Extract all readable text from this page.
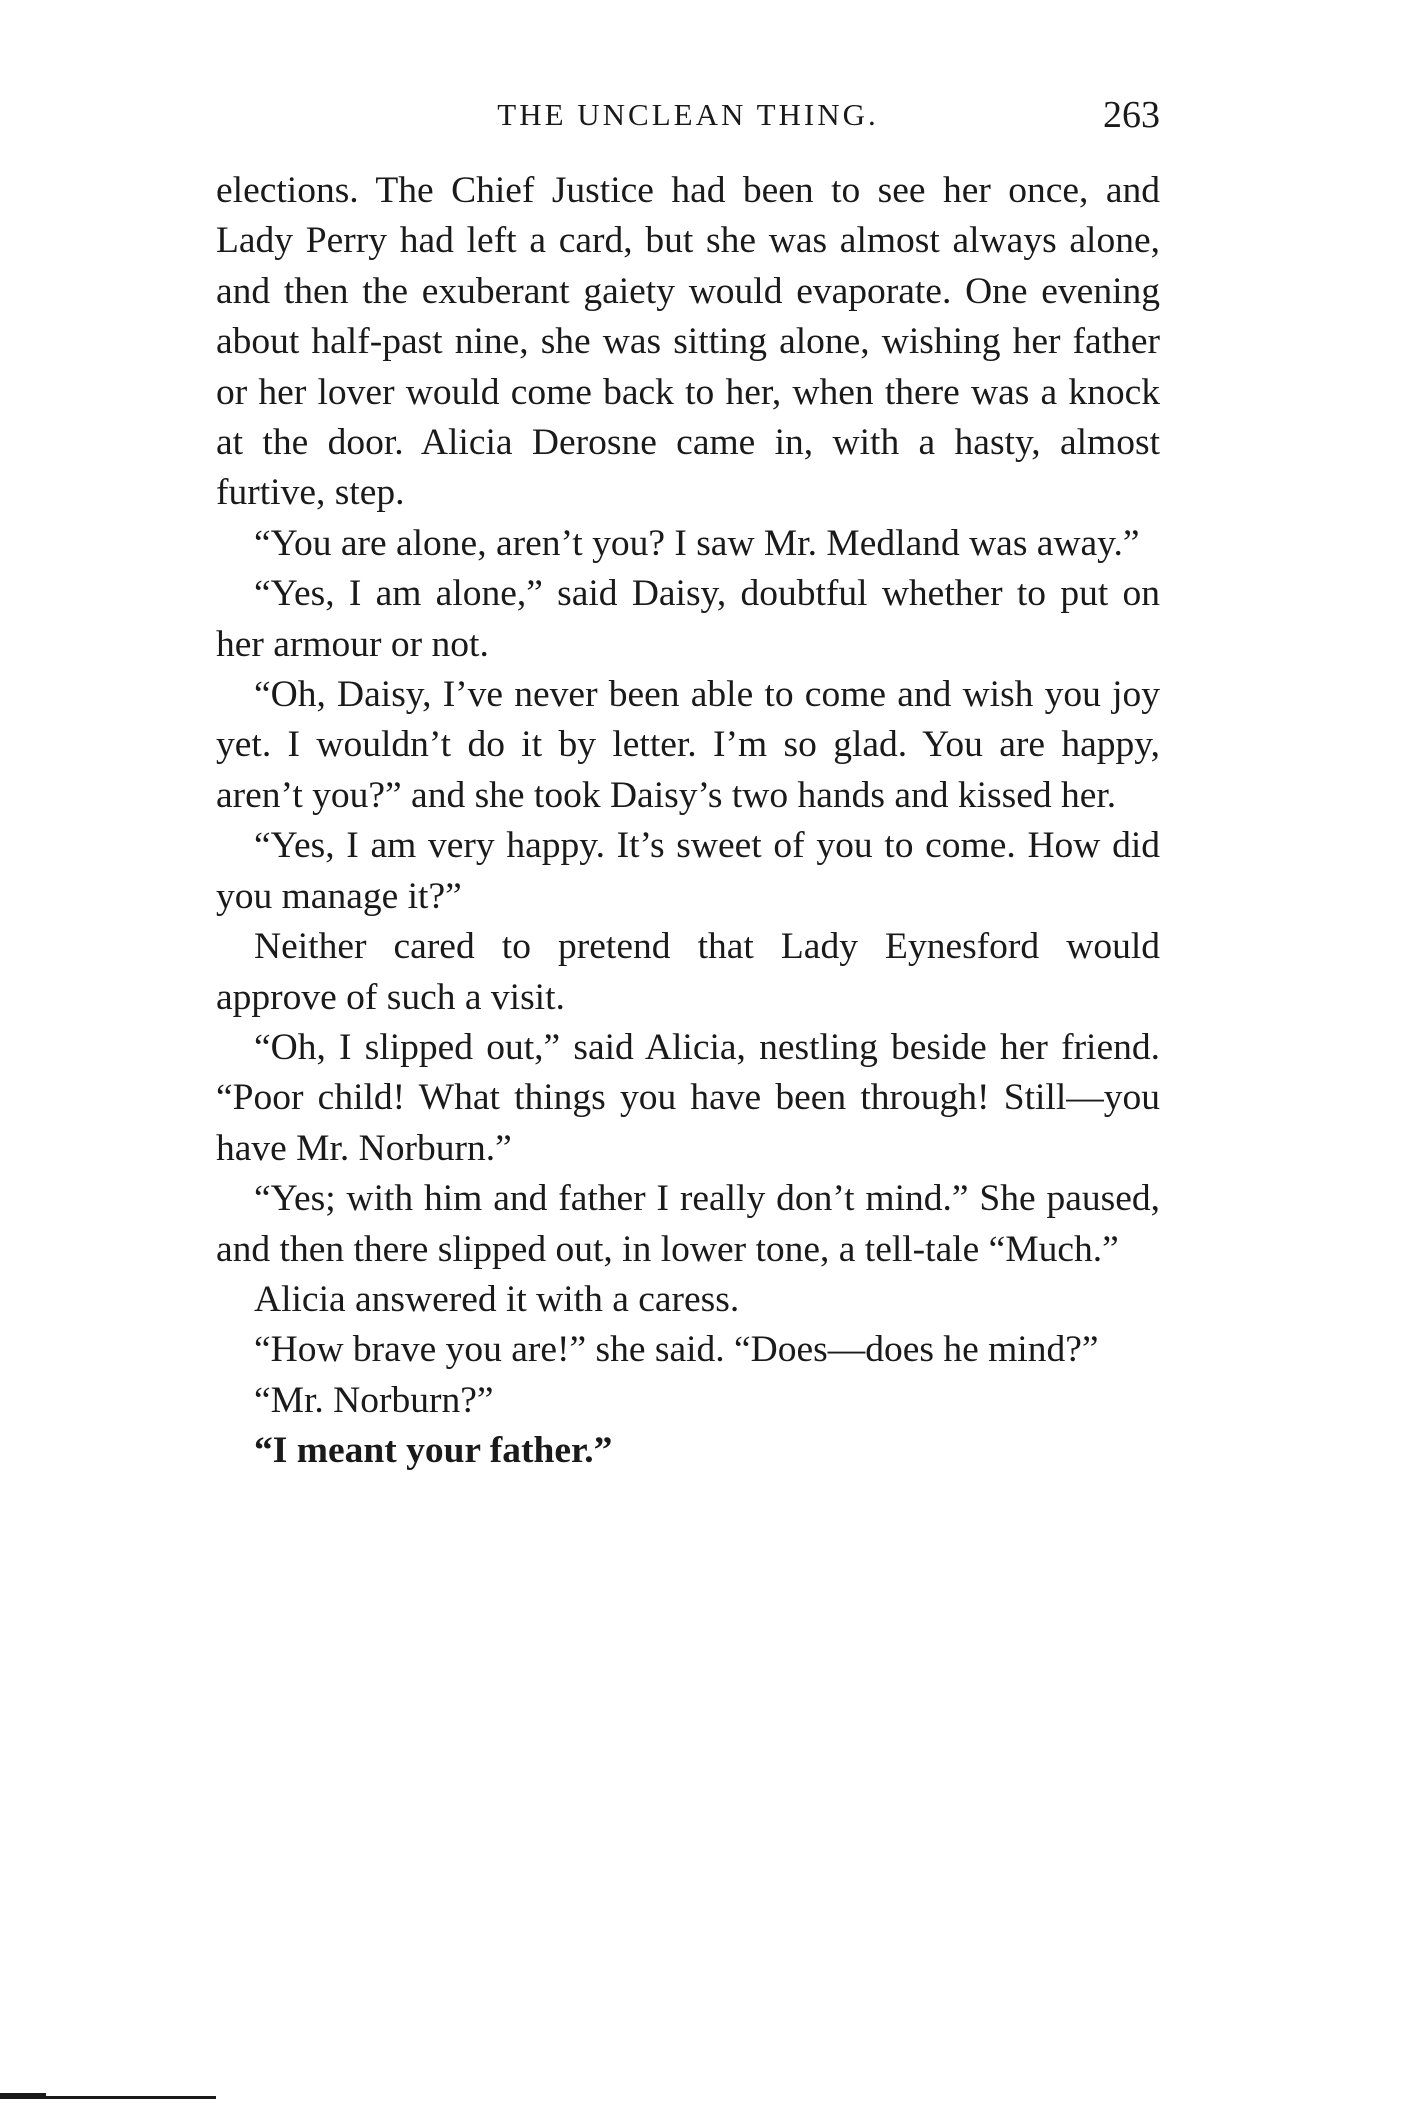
THE UNCLEAN THING.	263

elections. The Chief Justice had been to see her once, and Lady Perry had left a card, but she was almost always alone, and then the exuberant gaiety would evaporate. One evening about half-past nine, she was sitting alone, wishing her father or her lover would come back to her, when there was a knock at the door. Alicia Derosne came in, with a hasty, almost furtive, step.

“You are alone, aren’t you? I saw Mr. Medland was away.”

“Yes, I am alone,” said Daisy, doubtful whether to put on her armour or not.

“Oh, Daisy, I’ve never been able to come and wish you joy yet. I wouldn’t do it by letter. I’m so glad. You are happy, aren’t you?” and she took Daisy’s two hands and kissed her.

“Yes, I am very happy. It’s sweet of you to come. How did you manage it?”

Neither cared to pretend that Lady Eynesford would approve of such a visit.

“Oh, I slipped out,” said Alicia, nestling beside her friend. “Poor child! What things you have been through! Still—you have Mr. Norburn.”

“Yes; with him and father I really don’t mind.” She paused, and then there slipped out, in lower tone, a tell-tale “Much.”

Alicia answered it with a caress.

“How brave you are!” she said. “Does—does he mind?”

“Mr. Norburn?”

“I meant your father.”
